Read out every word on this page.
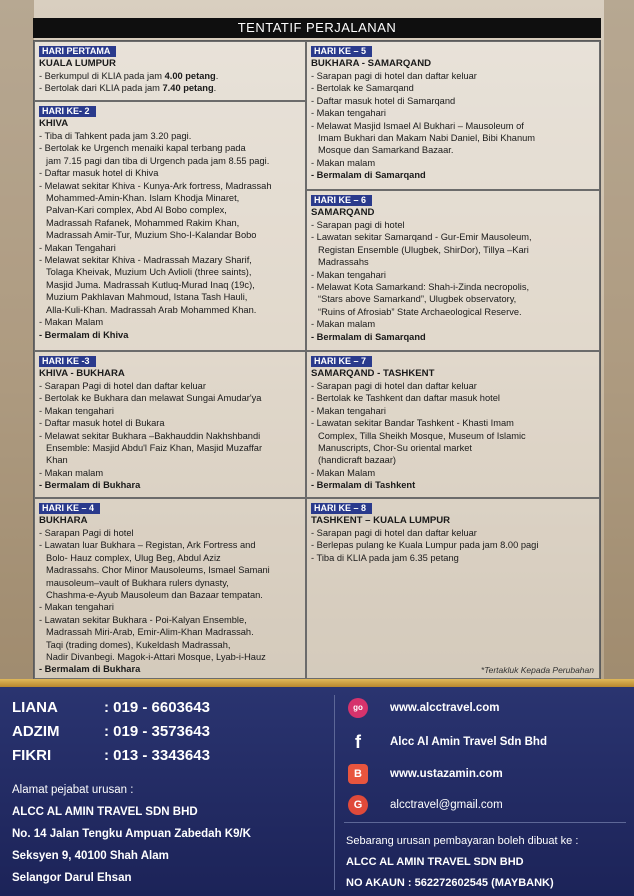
TENTATIF PERJALANAN
HARI PERTAMA
KUALA LUMPUR
- Berkumpul di KLIA pada jam 4.00 petang.
- Bertolak dari KLIA pada jam 7.40 petang.
HARI KE- 2
KHIVA
- Tiba di Tahkent pada jam 3.20 pagi.
- Bertolak ke Urgench menaiki kapal terbang pada
jam 7.15 pagi dan tiba di Urgench pada jam 8.55 pagi.
- Daftar masuk hotel di Khiva
- Melawat sekitar Khiva - Kunya-Ark fortress, Madrassah
Mohammed-Amin-Khan. Islam Khodja Minaret,
Palvan-Kari complex, Abd Al Bobo complex,
Madrassah Rafanek, Mohammed Rakim Khan,
Madrassah Amir-Tur, Muzium Sho-I-Kalandar Bobo
- Makan Tengahari
- Melawat sekitar Khiva - Madrassah Mazary Sharif,
Tolaga Kheivak, Muzium Uch Avlioli (three saints),
Masjid Juma. Madrassah Kutluq-Murad Inaq (19c),
Muzium Pakhlavan Mahmoud, Istana Tash Hauli,
Alla-Kuli-Khan. Madrassah Arab Mohammed Khan.
- Makan Malam
- Bermalam di Khiva
HARI KE -3
KHIVA - BUKHARA
- Sarapan Pagi di hotel dan daftar keluar
- Bertolak ke Bukhara dan melawat Sungai Amudar'ya
- Makan tengahari
- Daftar masuk hotel di Bukara
- Melawat sekitar Bukhara –Bakhauddin Nakhshbandi
Ensemble: Masjid Abdu'l Faiz Khan, Masjid Muzaffar
Khan
- Makan malam
- Bermalam di Bukhara
HARI KE – 4
BUKHARA
- Sarapan Pagi di hotel
- Lawatan luar Bukhara – Registan, Ark Fortress and
Bolo- Hauz complex, Ulug Beg, Abdul Aziz
Madrassahs. Chor Minor Mausoleums, Ismael Samani
mausoleum–vault of Bukhara rulers dynasty,
Chashma-e-Ayub Mausoleum dan Bazaar tempatan.
- Makan tengahari
- Lawatan sekitar Bukhara - Poi-Kalyan Ensemble,
Madrassah Miri-Arab, Emir-Alim-Khan Madrassah.
Taqi (trading domes), Kukeldash Madrassah,
Nadir Divanbegi. Magok-i-Attari Mosque, Lyab-i-Hauz
- Bermalam di Bukhara
HARI KE – 5
BUKHARA - SAMARQAND
- Sarapan pagi di hotel dan daftar keluar
- Bertolak ke Samarqand
- Daftar masuk hotel di Samarqand
- Makan tengahari
- Melawat Masjid Ismael Al Bukhari – Mausoleum of
Imam Bukhari dan Makam Nabi Daniel, Bibi Khanum
Mosque dan Samarkand Bazaar.
- Makan malam
- Bermalam di Samarqand
HARI KE – 6
SAMARQAND
- Sarapan pagi di hotel
- Lawatan sekitar Samarqand - Gur-Emir Mausoleum,
Registan Ensemble (Ulugbek, ShirDor), Tillya –Kari
Madrassahs
- Makan tengahari
- Melawat Kota Samarkand: Shah-i-Zinda necropolis,
“Stars above Samarkand”, Ulugbek observatory,
“Ruins of Afrosiab” State Archaeological Reserve.
- Makan malam
- Bermalam di Samarqand
HARI KE – 7
SAMARQAND - TASHKENT
- Sarapan pagi di hotel dan daftar keluar
- Bertolak ke Tashkent dan daftar masuk hotel
- Makan tengahari
- Lawatan sekitar Bandar Tashkent - Khasti Imam
Complex, Tilla Sheikh Mosque, Museum of Islamic
Manuscripts, Chor-Su oriental market
(handicraft bazaar)
- Makan Malam
- Bermalam di Tashkent
HARI KE – 8
TASHKENT – KUALA LUMPUR
- Sarapan pagi di hotel dan daftar keluar
- Berlepas pulang ke Kuala Lumpur pada jam 8.00 pagi
- Tiba di KLIA pada jam 6.35 petang
*Tertakluk Kepada Perubahan
LIANA	: 019 - 6603643
ADZIM	: 019 - 3573643
FIKRI	: 013 - 3343643
Alamat pejabat urusan :
ALCC AL AMIN TRAVEL SDN BHD
No. 14 Jalan Tengku Ampuan Zabedah K9/K
Seksyen 9, 40100 Shah Alam
Selangor Darul Ehsan
go	www.alcctravel.com
f	Alcc Al Amin Travel Sdn Bhd
B	www.ustazamin.com
G	alcctravel@gmail.com
Sebarang urusan pembayaran boleh dibuat ke :
ALCC AL AMIN TRAVEL SDN BHD
NO AKAUN : 562272602545 (MAYBANK)
